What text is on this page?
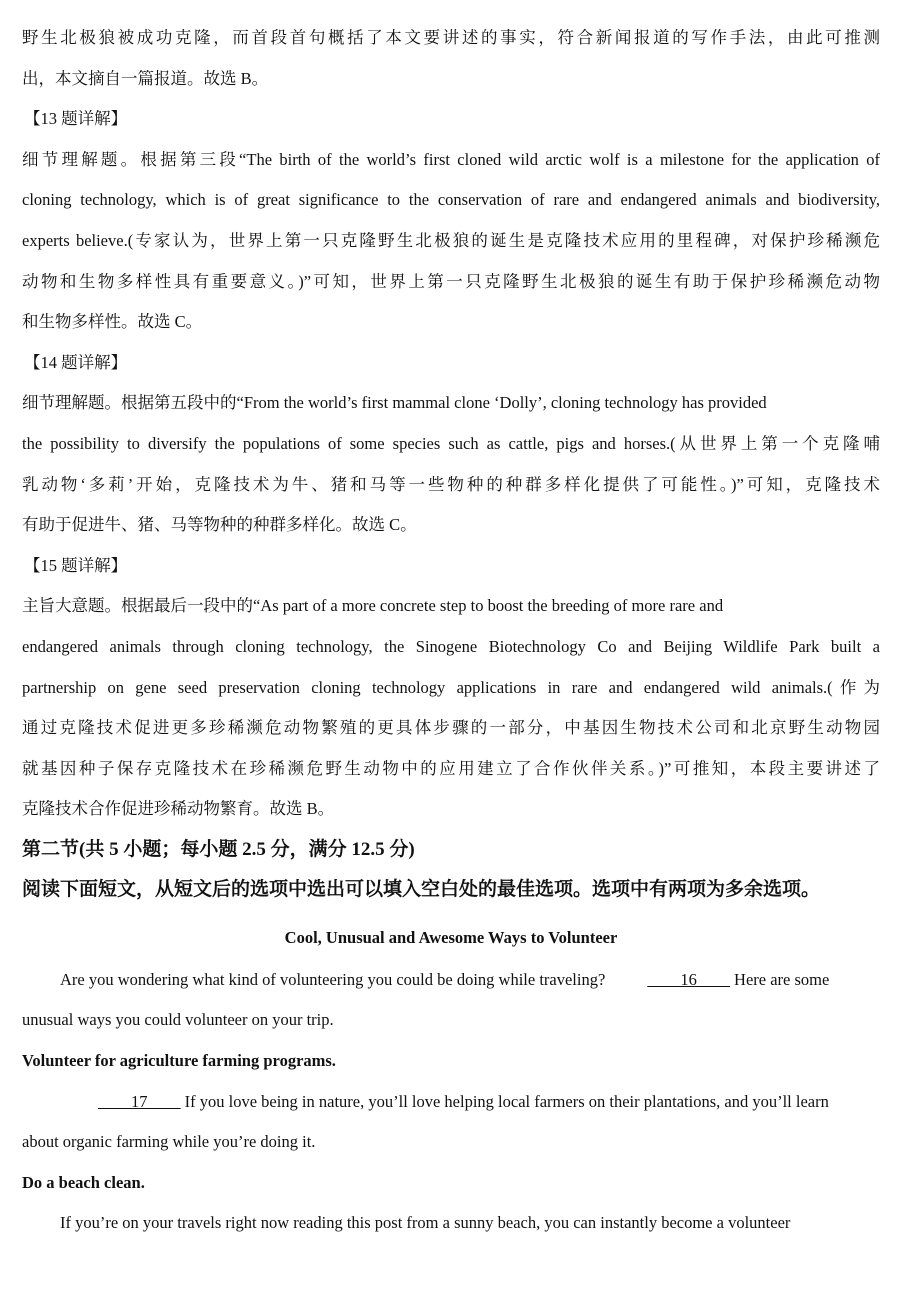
野生北极狼被成功克隆，而首段首句概括了本文要讲述的事实，符合新闻报道的写作手法，由此可推测
出，本文摘自一篇报道。故选 B。
【13 题详解】
细节理解题。根据第三段“The birth of the world’s first cloned wild arctic wolf is a milestone for the application of
cloning technology, which is of great significance to the conservation of rare and endangered animals and biodiversity,
experts believe.(专家认为，世界上第一只克隆野生北极狼的诞生是克隆技术应用的里程碑，对保护珍稀濒危
动物和生物多样性具有重要意义。)”可知，世界上第一只克隆野生北极狼的诞生有助于保护珍稀濒危动物
和生物多样性。故选 C。
【14 题详解】
细节理解题。根据第五段中的“From the world’s first mammal clone ‘Dolly’, cloning technology has provided
the possibility to diversify the populations of some species such as cattle, pigs and horses.(从世界上第一个克隆哺
乳动物‘多莉’开始，克隆技术为牛、猪和马等一些物种的种群多样化提供了可能性。)”可知，克隆技术
有助于促进牛、猪、马等物种的种群多样化。故选 C。
【15 题详解】
主旨大意题。根据最后一段中的“As part of a more concrete step to boost the breeding of more rare and
endangered animals through cloning technology, the Sinogene Biotechnology Co and Beijing Wildlife Park built a
partnership on gene seed preservation cloning technology applications in rare and endangered wild animals.(作为
通过克隆技术促进更多珍稀濒危动物繁殖的更具体步骤的一部分，中基因生物技术公司和北京野生动物园
就基因种子保存克隆技术在珍稀濒危野生动物中的应用建立了合作伙伴关系。)”可推知，本段主要讲述了
克隆技术合作促进珍稀动物繁育。故选 B。
第二节(共 5 小题；每小题 2.5 分，满分 12.5 分)
阅读下面短文，从短文后的选项中选出可以填入空白处的最佳选项。选项中有两项为多余选项。
Cool, Unusual and Awesome Ways to Volunteer
Are you wondering what kind of volunteering you could be doing while traveling? ____16____ Here are some
unusual ways you could volunteer on your trip.
Volunteer for agriculture farming programs.
____17____ If you love being in nature, you’ll love helping local farmers on their plantations, and you’ll learn
about organic farming while you’re doing it.
Do a beach clean.
If you’re on your travels right now reading this post from a sunny beach, you can instantly become a volunteer
